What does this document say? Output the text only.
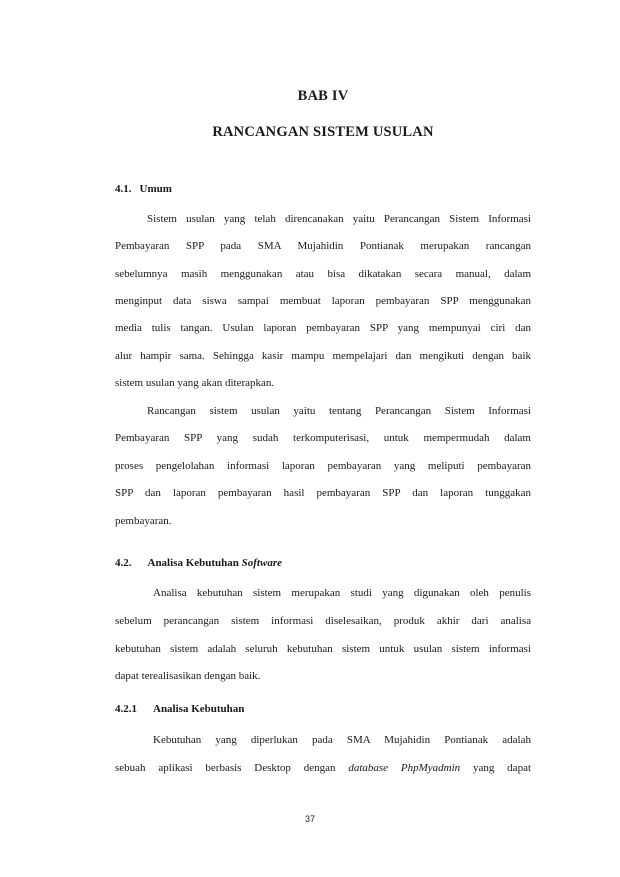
BAB IV
RANCANGAN SISTEM USULAN
4.1. Umum
Sistem usulan yang telah direncanakan yaitu Perancangan Sistem Informasi
Pembayaran SPP pada SMA Mujahidin Pontianak merupakan rancangan
sebelumnya masih menggunakan atau bisa dikatakan secara manual, dalam
menginput data siswa sampai membuat laporan pembayaran SPP menggunakan
media tulis tangan. Usulan laporan pembayaran SPP yang mempunyai ciri dan
alur hampir sama. Sehingga kasir mampu mempelajari dan mengikuti dengan baik
sistem usulan yang akan diterapkan.
Rancangan sistem usulan yaitu tentang Perancangan Sistem Informasi
Pembayaran SPP yang sudah terkomputerisasi, untuk mempermudah dalam
proses pengelolahan informasi laporan pembayaran yang meliputi pembayaran
SPP dan laporan pembayaran hasil pembayaran SPP dan laporan tunggakan
pembayaran.
4.2. Analisa Kebutuhan Software
Analisa kebutuhan sistem merupakan studi yang digunakan oleh penulis
sebelum perancangan sistem informasi diselesaikan, produk akhir dari analisa
kebutuhan sistem adalah seluruh kebutuhan sistem untuk usulan sistem informasi
dapat terealisasikan dengan baik.
4.2.1 Analisa Kebutuhan
Kebutuhan yang diperlukan pada SMA Mujahidin Pontianak adalah
sebuah aplikasi berbasis Desktop dengan database PhpMyadmin yang dapat
37
